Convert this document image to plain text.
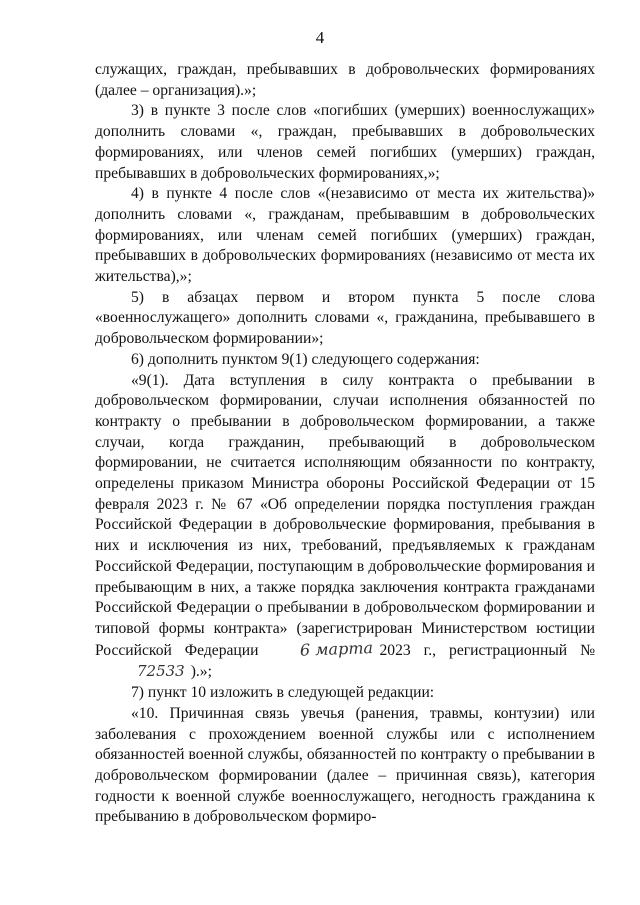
4

служащих, граждан, пребывавших в добровольческих формированиях (далее – организация).»;

3) в пункте 3 после слов «погибших (умерших) военнослужащих» дополнить словами «, граждан, пребывавших в добровольческих формированиях, или членов семей погибших (умерших) граждан, пребывавших в добровольческих формированиях,»;

4) в пункте 4 после слов «(независимо от места их жительства)» дополнить словами «, гражданам, пребывавшим в добровольческих формированиях, или членам семей погибших (умерших) граждан, пребывавших в добровольческих формированиях (независимо от места их жительства),»;

5) в абзацах первом и втором пункта 5 после слова «военнослужащего» дополнить словами «, гражданина, пребывавшего в добровольческом формировании»;

6) дополнить пунктом 9(1) следующего содержания:

«9(1). Дата вступления в силу контракта о пребывании в добровольческом формировании, случаи исполнения обязанностей по контракту о пребывании в добровольческом формировании, а также случаи, когда гражданин, пребывающий в добровольческом формировании, не считается исполняющим обязанности по контракту, определены приказом Министра обороны Российской Федерации от 15 февраля 2023 г. № 67 «Об определении порядка поступления граждан Российской Федерации в добровольческие формирования, пребывания в них и исключения из них, требований, предъявляемых к гражданам Российской Федерации, поступающим в добровольческие формирования и пребывающим в них, а также порядка заключения контракта гражданами Российской Федерации о пребывании в добровольческом формировании и типовой формы контракта» (зарегистрирован Министерством юстиции Российской Федерации	6 марта 2023 г., регистрационный № 72533 ).»;

7) пункт 10 изложить в следующей редакции:

«10. Причинная связь увечья (ранения, травмы, контузии) или заболевания с прохождением военной службы или с исполнением обязанностей военной службы, обязанностей по контракту о пребывании в добровольческом формировании (далее – причинная связь), категория годности к военной службе военнослужащего, негодность гражданина к пребыванию в добровольческом формиро-
